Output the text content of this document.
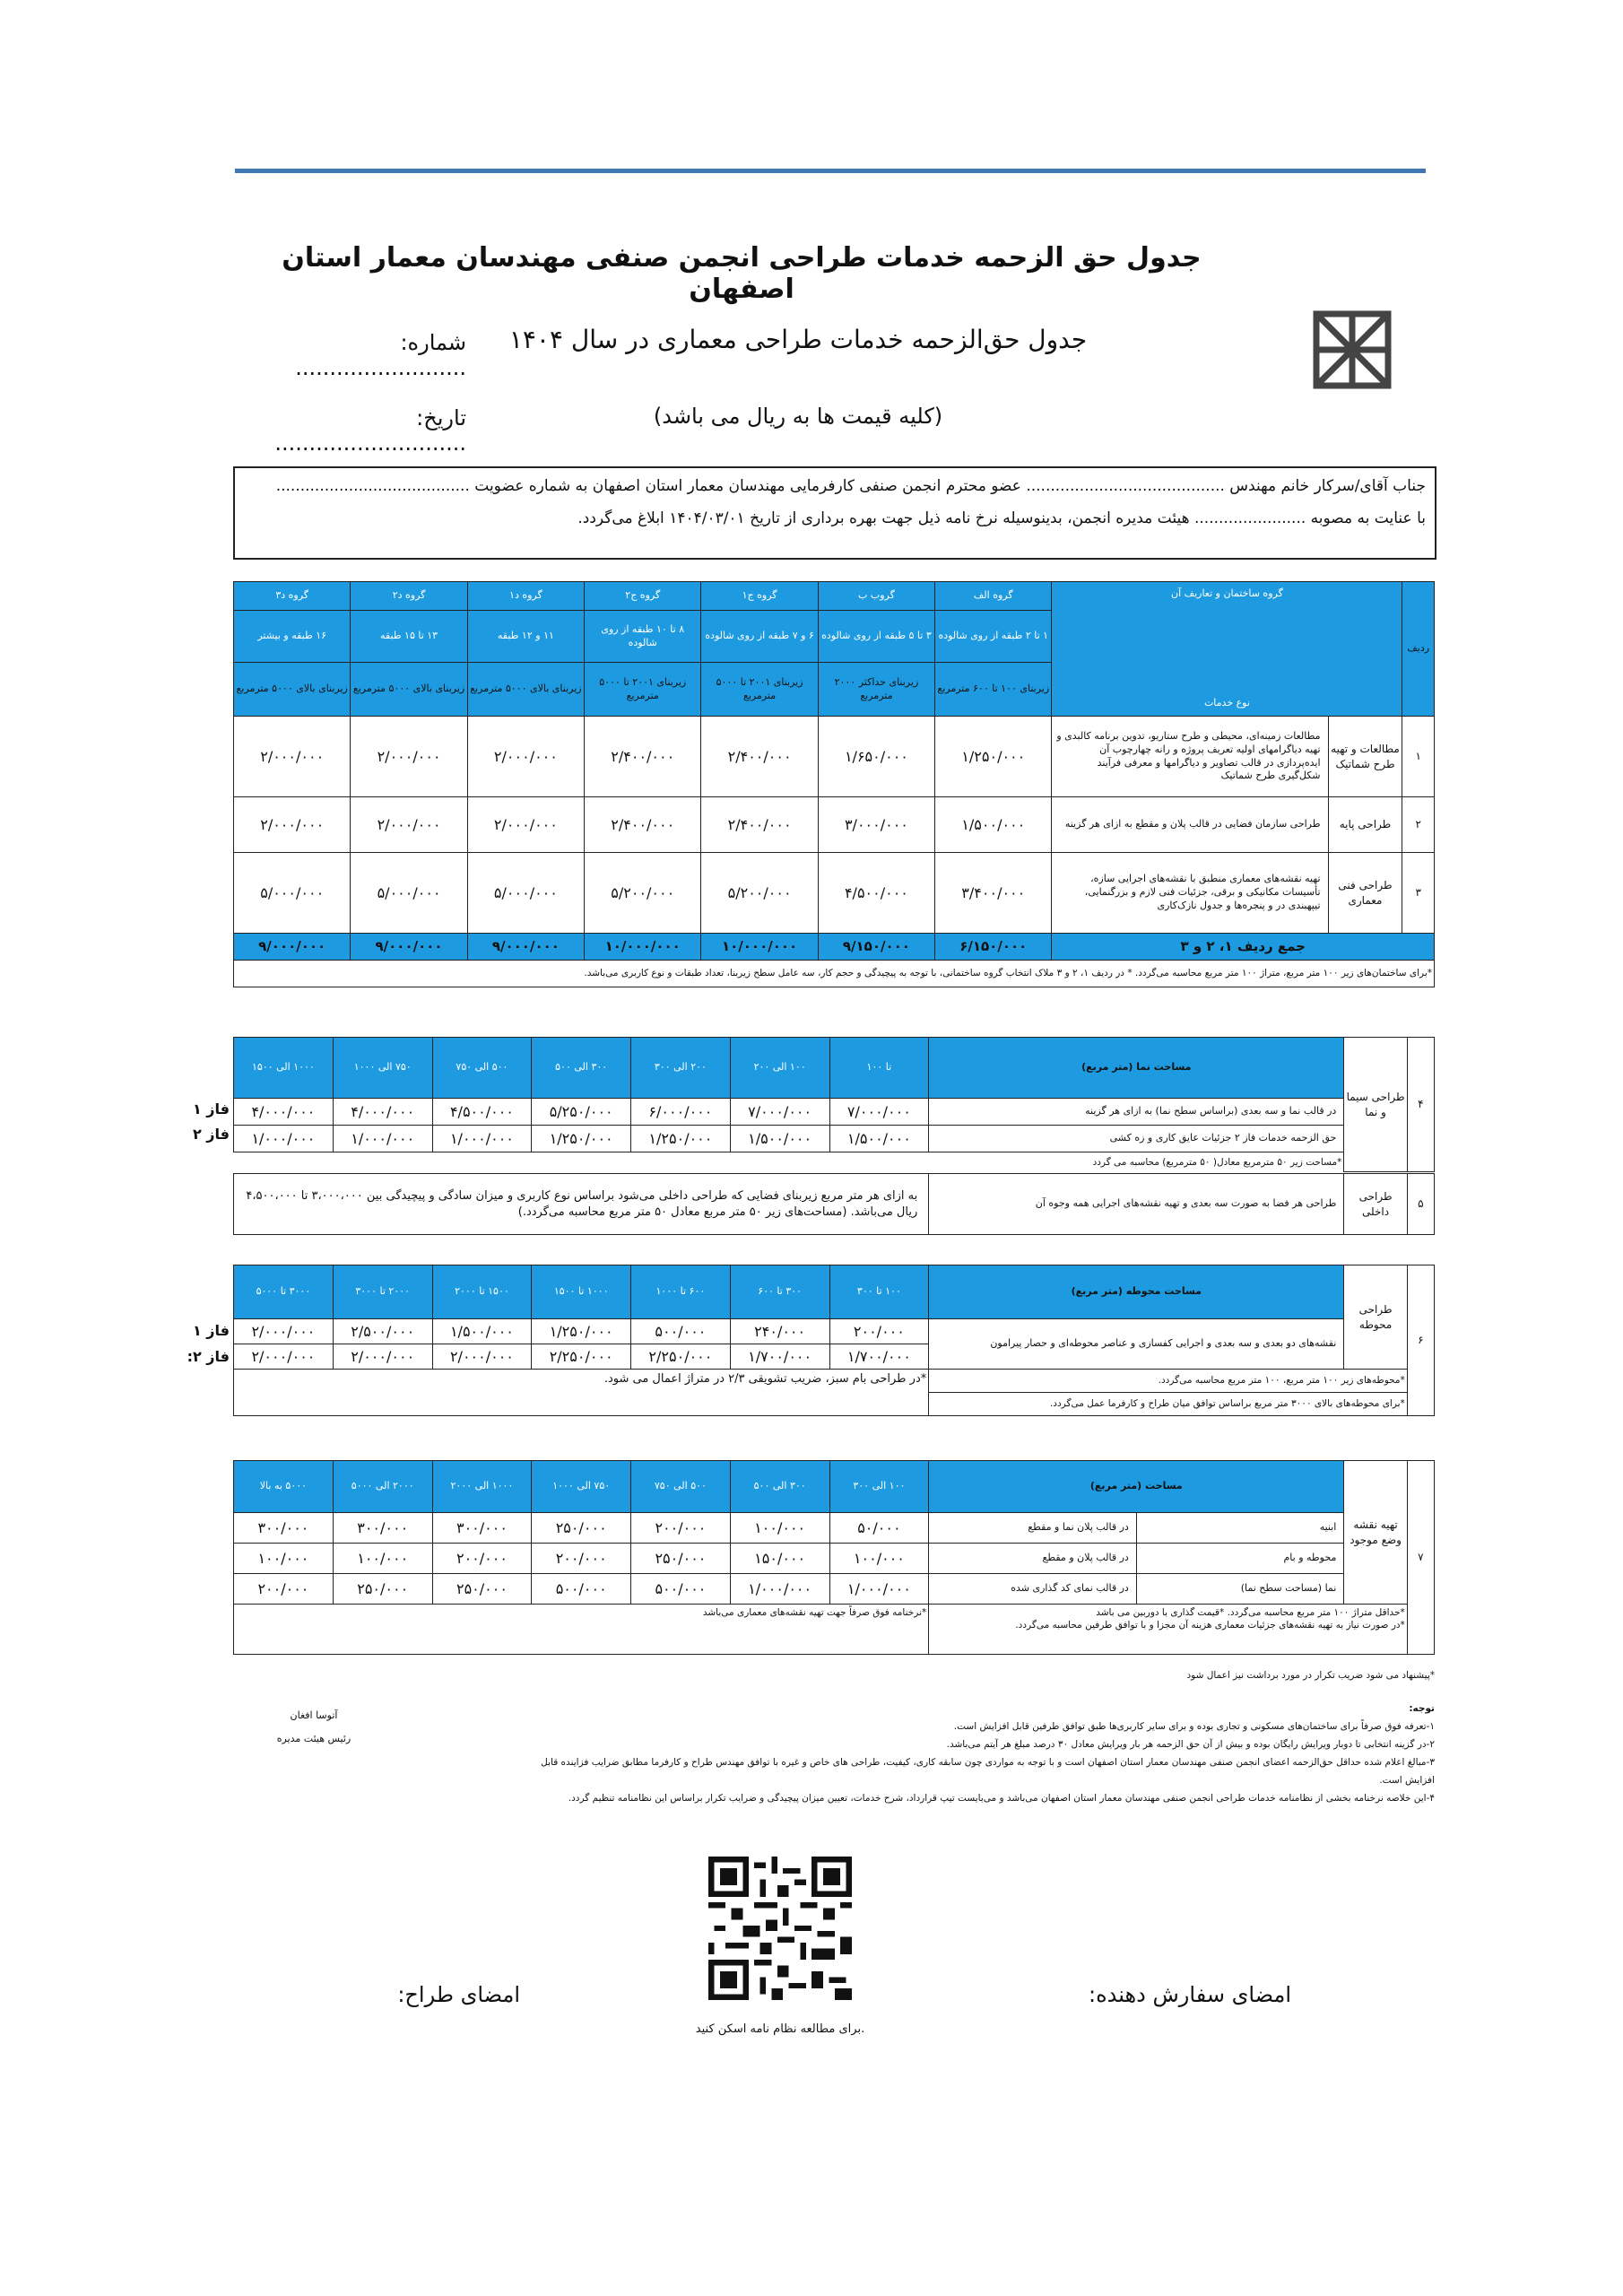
جدول حق الزحمه خدمات طراحی انجمن صنفی مهندسان معمار استان اصفهان
جدول حق‌الزحمه خدمات طراحی معماری در سال ۱۴۰۴
(کلیه قیمت ها به ریال می باشد)
شماره: .........................
تاریخ: ............................
جناب آقای/سرکار خانم مهندس ......................................... عضو محترم انجمن صنفی کارفرمایی مهندسان معمار استان اصفهان به شماره عضویت ........................................
با عنایت به مصوبه ....................... هیئت مدیره انجمن، بدینوسیله نرخ نامه ذیل جهت بهره برداری از تاریخ ۱۴۰۴/۰۳/۰۱ ابلاغ می‌گردد.
ردیف	گروه ساختمان و تعاریف آن
نوع خدمات		گروه الف	گروب ب	گروه ج۱	گروه ج۲	گروه د۱	گروه د۲	گروه د۳
			۱ تا ۲ طبقه از روی شالوده	۳ تا ۵ طبقه از روی شالوده	۶ و ۷ طبقه از روی شالوده	۸ تا ۱۰ طبقه از روی شالوده	۱۱ و ۱۲ طبقه	۱۳ تا ۱۵ طبقه	۱۶ طبقه و بیشتر
			زیربنای ۱۰۰ تا ۶۰۰ مترمربع	زیربنای حداکثر ۲۰۰۰ مترمربع	زیربنای ۲۰۰۱ تا ۵۰۰۰ مترمربع	زیربنای ۲۰۰۱ تا ۵۰۰۰ مترمربع	زیربنای بالای ۵۰۰۰ مترمربع	زیربنای بالای ۵۰۰۰ مترمربع	زیربنای بالای ۵۰۰۰ مترمربع
۱	مطالعات و تهیه طرح شماتیک	مطالعات زمینه‌ای، محیطی و طرح ستاریو، تدوین برنامه کالبدی و تهیه دیاگرامهای اولیه تعریف پروژه و رانه چهارچوب آن ایده‌پردازی در قالب تصاویر و دیاگرامها و معرفی فرآیند شکل‌گیری طرح شماتیک	۱/۲۵۰/۰۰۰	۱/۶۵۰/۰۰۰	۲/۴۰۰/۰۰۰	۲/۴۰۰/۰۰۰	۲/۰۰۰/۰۰۰	۲/۰۰۰/۰۰۰	۲/۰۰۰/۰۰۰
۲	طراحی پایه	طراحی سازمان فضایی در قالب پلان و مقطع به ازای هر گزینه	۱/۵۰۰/۰۰۰	۳/۰۰۰/۰۰۰	۲/۴۰۰/۰۰۰	۲/۴۰۰/۰۰۰	۲/۰۰۰/۰۰۰	۲/۰۰۰/۰۰۰	۲/۰۰۰/۰۰۰
۳	طراحی فنی معماری	تهیه نقشه‌های معماری منطبق با نقشه‌های اجرایی سازه، تأسیسات مکانیکی و برقی، جزئیات فنی لازم و بزرگنمایی، تیپهبندی در و پنجره‌ها و جدول نازک‌کاری	۳/۴۰۰/۰۰۰	۴/۵۰۰/۰۰۰	۵/۲۰۰/۰۰۰	۵/۲۰۰/۰۰۰	۵/۰۰۰/۰۰۰	۵/۰۰۰/۰۰۰	۵/۰۰۰/۰۰۰
جمع ردیف ۱، ۲ و ۳			۶/۱۵۰/۰۰۰	۹/۱۵۰/۰۰۰	۱۰/۰۰۰/۰۰۰	۱۰/۰۰۰/۰۰۰	۹/۰۰۰/۰۰۰	۹/۰۰۰/۰۰۰	۹/۰۰۰/۰۰۰
*برای ساختمان‌های زیر ۱۰۰ متر مربع، متراژ ۱۰۰ متر مربع محاسبه می‌گردد. * در ردیف ۱، ۲ و ۳ ملاک انتخاب گروه ساختمانی، با توجه به پیچیدگی و حجم کار، سه عامل سطح زیربنا، تعداد طبقات و نوع کاربری می‌باشد.									
۴	طراحی سیما و نما	مساحت نما (متر مربع)	تا ۱۰۰	۱۰۰ الی ۲۰۰	۲۰۰ الی ۳۰۰	۳۰۰ الی ۵۰۰	۵۰۰ الی ۷۵۰	۷۵۰ الی ۱۰۰۰	۱۰۰۰ الی ۱۵۰۰
		در قالب نما و سه بعدی (براساس سطح نما) به ازای هر گزینه	۷/۰۰۰/۰۰۰	۷/۰۰۰/۰۰۰	۶/۰۰۰/۰۰۰	۵/۲۵۰/۰۰۰	۴/۵۰۰/۰۰۰	۴/۰۰۰/۰۰۰	۴/۰۰۰/۰۰۰
		حق الزحمه خدمات فاز ۲ جزئیات عایق کاری و زه کشی	۱/۵۰۰/۰۰۰	۱/۵۰۰/۰۰۰	۱/۲۵۰/۰۰۰	۱/۲۵۰/۰۰۰	۱/۰۰۰/۰۰۰	۱/۰۰۰/۰۰۰	۱/۰۰۰/۰۰۰
		*مساحت زیر ۵۰ مترمربع معادل( ۵۰ مترمربع) محاسبه می گردد							
فاز ۱
فاز ۲
۵	طراحی داخلی	طراحی هر فضا به صورت سه بعدی و تهیه نقشه‌های اجرایی همه وجوه آن	به ازای هر متر مربع زیربنای فضایی که طراحی داخلی می‌شود براساس نوع کاربری و میزان سادگی و پیچیدگی بین ۳،۰۰۰،۰۰۰ تا ۴،۵۰۰،۰۰۰ ریال می‌باشد. (مساحت‌های زیر ۵۰ متر مربع معادل ۵۰ متر مربع محاسبه می‌گردد.)
۶	طراحی محوطه	مساحت محوطه (متر مربع)	۱۰۰ تا ۳۰۰	۳۰۰ تا ۶۰۰	۶۰۰ تا ۱۰۰۰	۱۰۰۰ تا ۱۵۰۰	۱۵۰۰ تا ۲۰۰۰	۲۰۰۰ تا ۳۰۰۰	۳۰۰۰ تا ۵۰۰۰
		نقشه‌های دو بعدی و سه بعدی و اجرایی کفسازی و عناصر محوطه‌ای و حصار پیرامون	۲۰۰/۰۰۰	۲۴۰/۰۰۰	۵۰۰/۰۰۰	۱/۲۵۰/۰۰۰	۱/۵۰۰/۰۰۰	۲/۵۰۰/۰۰۰	۲/۰۰۰/۰۰۰
			۱/۷۰۰/۰۰۰	۱/۷۰۰/۰۰۰	۲/۲۵۰/۰۰۰	۲/۲۵۰/۰۰۰	۲/۰۰۰/۰۰۰	۲/۰۰۰/۰۰۰	۲/۰۰۰/۰۰۰
	*محوطه‌های زیر ۱۰۰ متر مربع، ۱۰۰ متر مربع محاسبه می‌گردد.		*در طراحی بام سبز، ضریب تشویقی ۲/۳ در متراژ اعمال می شود.						
	*برای محوطه‌های بالای ۳۰۰۰ متر مربع براساس توافق میان طراح و کارفرما عمل می‌گردد.								
فاز ۱
فاز ۲:
۷	تهیه نقشه وضع موجود	مساحت (متر مربع)		۱۰۰ الی ۳۰۰	۳۰۰ الی ۵۰۰	۵۰۰ الی ۷۵۰	۷۵۰ الی ۱۰۰۰	۱۰۰۰ الی ۲۰۰۰	۲۰۰۰ الی ۵۰۰۰	۵۰۰۰ به بالا
		ابنیه	در قالب پلان نما و مقطع	۵۰/۰۰۰	۱۰۰/۰۰۰	۲۰۰/۰۰۰	۲۵۰/۰۰۰	۳۰۰/۰۰۰	۳۰۰/۰۰۰	۳۰۰/۰۰۰
		محوطه و بام	در قالب پلان و مقطع	۱۰۰/۰۰۰	۱۵۰/۰۰۰	۲۵۰/۰۰۰	۲۰۰/۰۰۰	۲۰۰/۰۰۰	۱۰۰/۰۰۰	۱۰۰/۰۰۰
		نما (مساحت سطح نما)	در قالب نمای کد گذاری شده	۱/۰۰۰/۰۰۰	۱/۰۰۰/۰۰۰	۵۰۰/۰۰۰	۵۰۰/۰۰۰	۲۵۰/۰۰۰	۲۵۰/۰۰۰	۲۰۰/۰۰۰

	*حداقل متراژ ۱۰۰ متر مربع محاسبه می‌گردد. *قیمت گذاری با دوربین می باشد
*در صورت نیاز به تهیه نقشه‌های جزئیات معماری هزینه آن مجزا و با توافق طرفین محاسبه می‌گردد.			*نرخنامه فوق صرفاً جهت تهیه نقشه‌های معماری می‌باشد						
*پیشنهاد می شود ضریب تکرار در مورد برداشت نیز اعمال شود
توجه:
۱-تعرفه فوق صرفاً برای ساختمان‌های مسکونی و تجاری بوده و برای سایر کاربری‌ها طبق توافق طرفین قابل افزایش است.
۲-در گزینه انتخابی تا دوبار ویرایش رایگان بوده و بیش از آن حق الزحمه هر بار ویرایش معادل ۳۰ درصد مبلغ هر آیتم می‌باشد.
۳-مبالغ اعلام شده حداقل حق‌الزحمه اعضای انجمن صنفی مهندسان معمار استان اصفهان است و با توجه به مواردی چون سابقه کاری، کیفیت، طراحی های خاص و غیره با توافق مهندس طراح و کارفرما مطابق ضرایب فزاینده قابل افزایش است.
۴-این خلاصه نرخنامه بخشی از نظامنامه خدمات طراحی انجمن صنفی مهندسان معمار استان اصفهان می‌باشد و می‌بایست تیپ قرارداد، شرح خدمات، تعیین میزان پیچیدگی و ضرایب تکرار براساس این نظامنامه تنظیم گردد.
آتوسا افغان
رئیس هیئت مدیره
امضای سفارش دهنده:
امضای طراح:
.برای مطالعه نظام نامه اسکن کنید
